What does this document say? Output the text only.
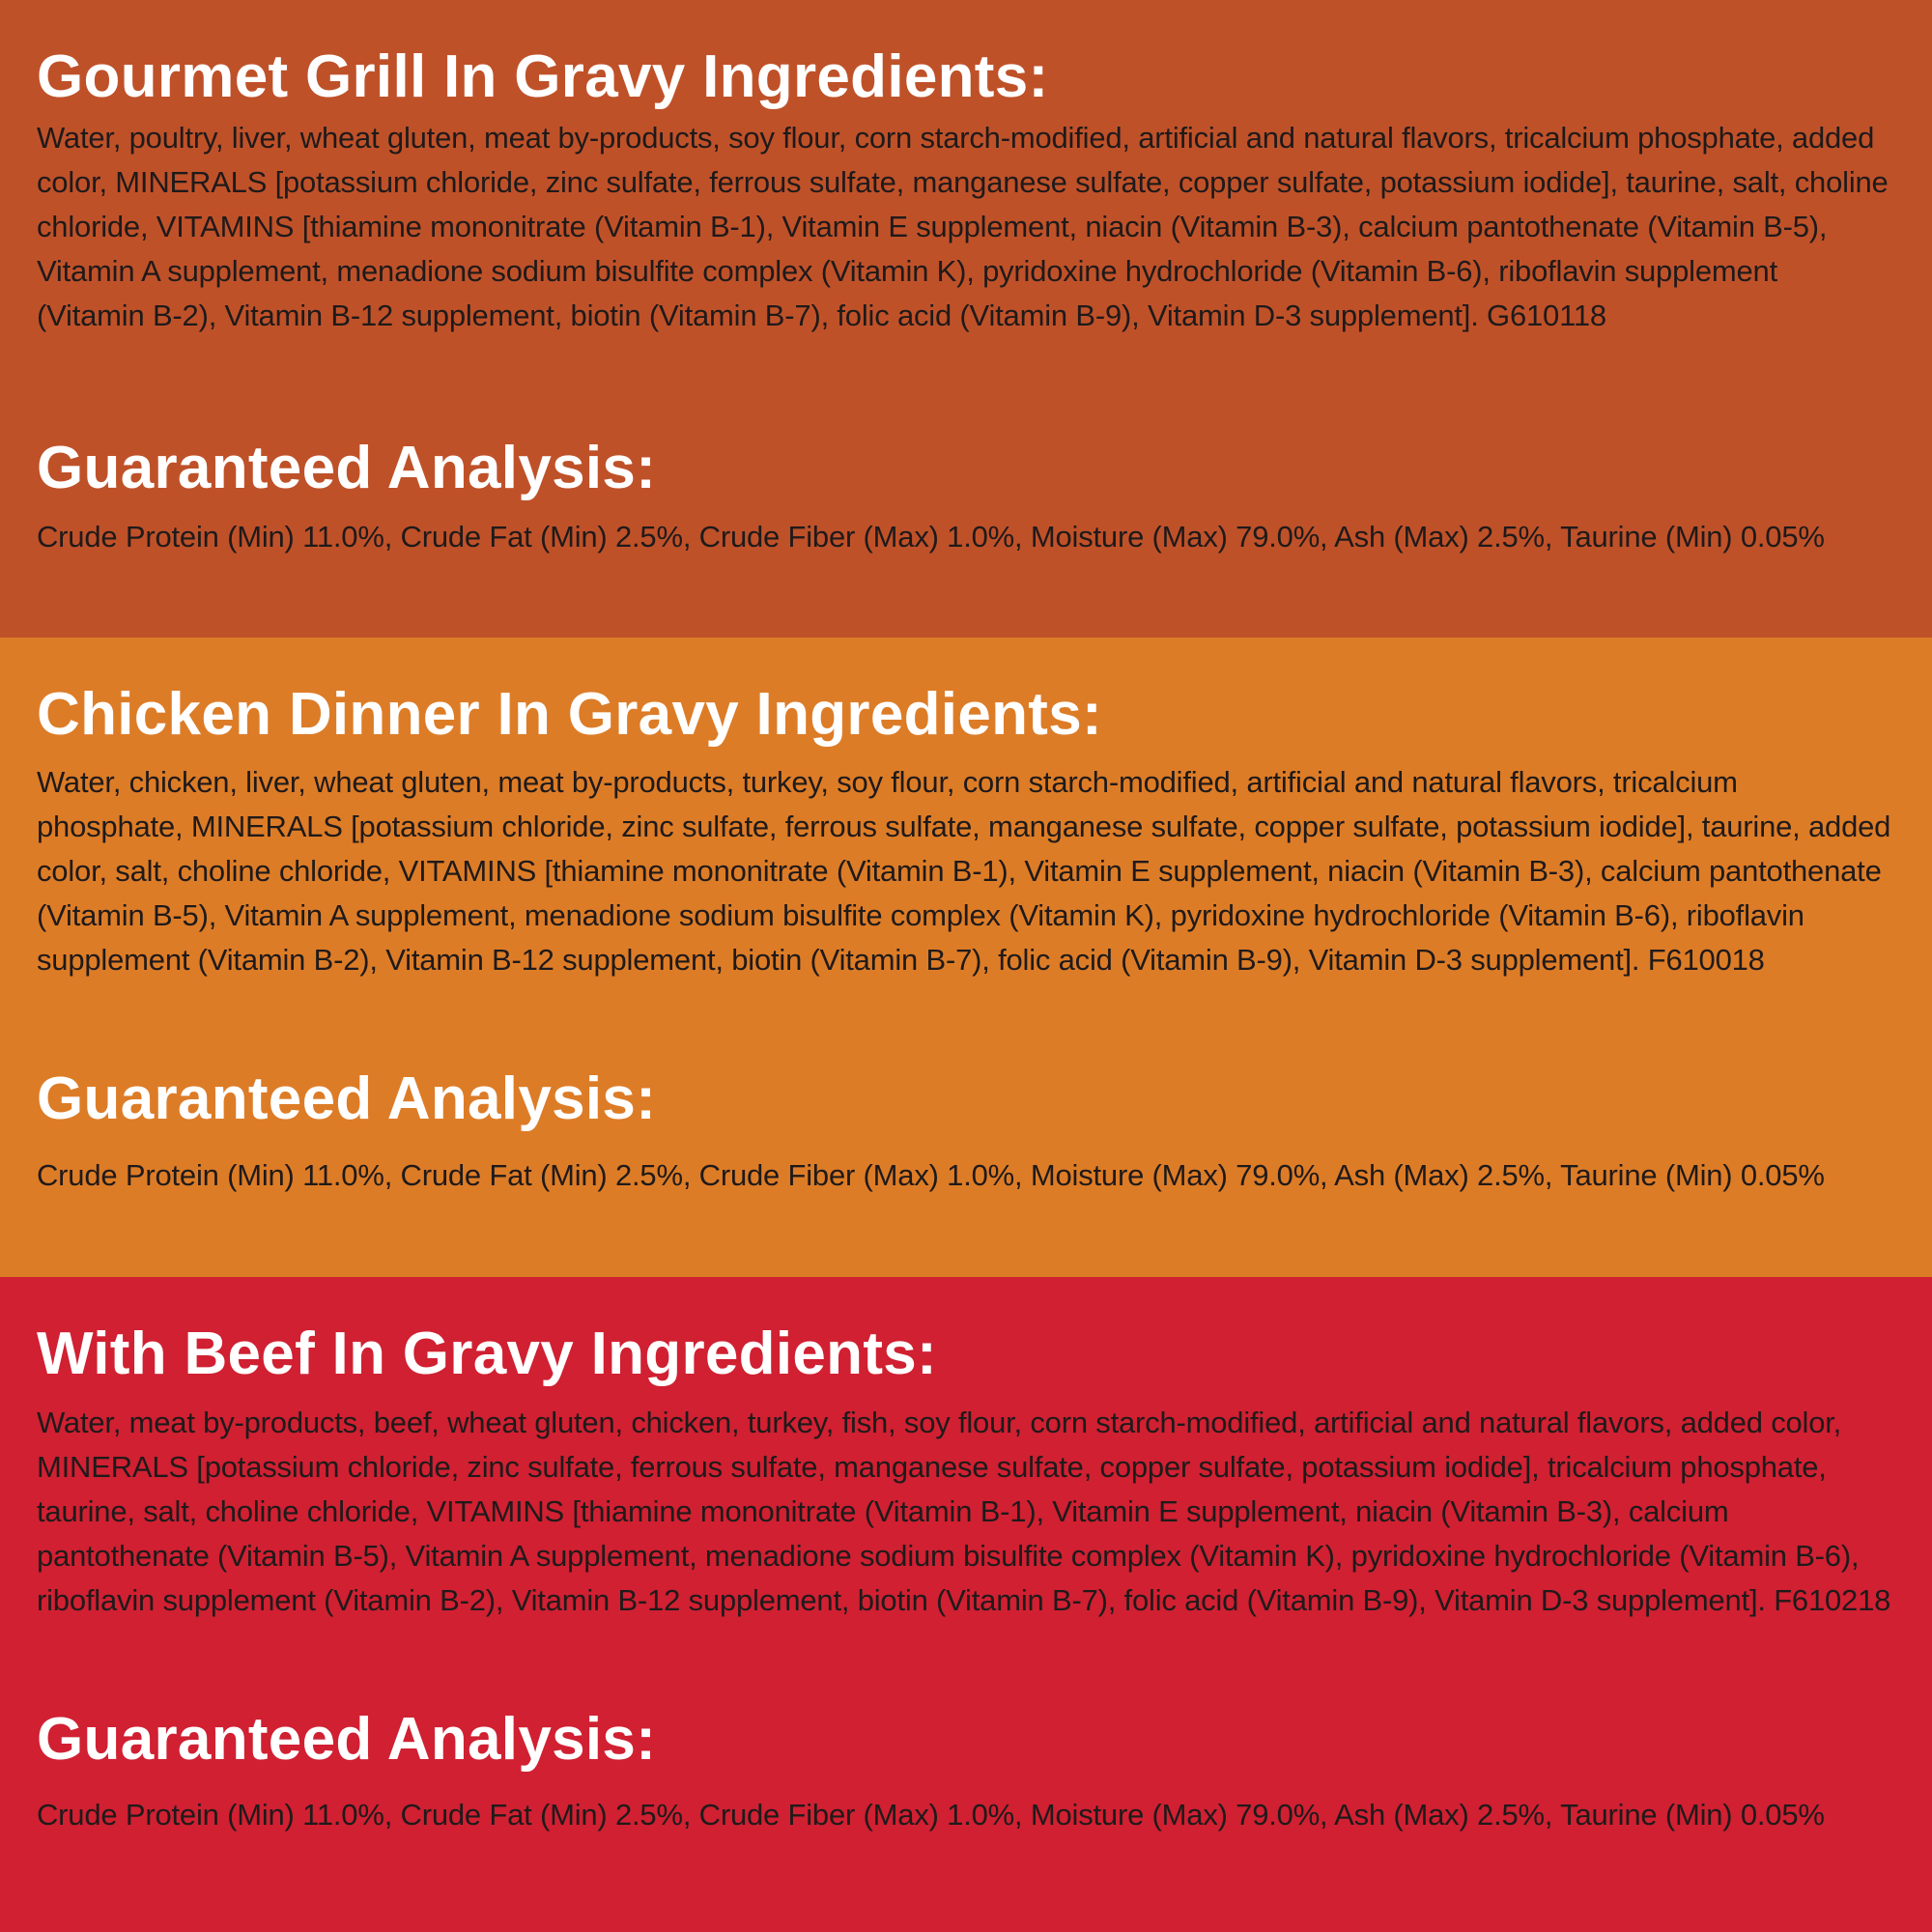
Gourmet Grill In Gravy Ingredients:

Water, poultry, liver, wheat gluten, meat by-products, soy flour, corn starch-modified, artificial and natural flavors, tricalcium phosphate, added color, MINERALS [potassium chloride, zinc sulfate, ferrous sulfate, manganese sulfate, copper sulfate, potassium iodide], taurine, salt, choline chloride, VITAMINS [thiamine mononitrate (Vitamin B-1), Vitamin E supplement, niacin (Vitamin B-3), calcium pantothenate (Vitamin B-5), Vitamin A supplement, menadione sodium bisulfite complex (Vitamin K), pyridoxine hydrochloride (Vitamin B-6), riboflavin supplement (Vitamin B-2), Vitamin B-12 supplement, biotin (Vitamin B-7), folic acid (Vitamin B-9), Vitamin D-3 supplement]. G610118

Guaranteed Analysis:

Crude Protein (Min) 11.0%, Crude Fat (Min) 2.5%, Crude Fiber (Max) 1.0%, Moisture (Max) 79.0%, Ash (Max) 2.5%, Taurine (Min) 0.05%

Chicken Dinner In Gravy Ingredients:

Water, chicken, liver, wheat gluten, meat by-products, turkey, soy flour, corn starch-modified, artificial and natural flavors, tricalcium phosphate, MINERALS [potassium chloride, zinc sulfate, ferrous sulfate, manganese sulfate, copper sulfate, potassium iodide], taurine, added color, salt, choline chloride, VITAMINS [thiamine mononitrate (Vitamin B-1), Vitamin E supplement, niacin (Vitamin B-3), calcium pantothenate (Vitamin B-5), Vitamin A supplement, menadione sodium bisulfite complex (Vitamin K), pyridoxine hydrochloride (Vitamin B-6), riboflavin supplement (Vitamin B-2), Vitamin B-12 supplement, biotin (Vitamin B-7), folic acid (Vitamin B-9), Vitamin D-3 supplement]. F610018

Guaranteed Analysis:

Crude Protein (Min) 11.0%, Crude Fat (Min) 2.5%, Crude Fiber (Max) 1.0%, Moisture (Max) 79.0%, Ash (Max) 2.5%, Taurine (Min) 0.05%

With Beef In Gravy Ingredients:

Water, meat by-products, beef, wheat gluten, chicken, turkey, fish, soy flour, corn starch-modified, artificial and natural flavors, added color, MINERALS [potassium chloride, zinc sulfate, ferrous sulfate, manganese sulfate, copper sulfate, potassium iodide], tricalcium phosphate, taurine, salt, choline chloride, VITAMINS [thiamine mononitrate (Vitamin B-1), Vitamin E supplement, niacin (Vitamin B-3), calcium pantothenate (Vitamin B-5), Vitamin A supplement, menadione sodium bisulfite complex (Vitamin K), pyridoxine hydrochloride (Vitamin B-6), riboflavin supplement (Vitamin B-2), Vitamin B-12 supplement, biotin (Vitamin B-7), folic acid (Vitamin B-9), Vitamin D-3 supplement]. F610218

Guaranteed Analysis:

Crude Protein (Min) 11.0%, Crude Fat (Min) 2.5%, Crude Fiber (Max) 1.0%, Moisture (Max) 79.0%, Ash (Max) 2.5%, Taurine (Min) 0.05%
